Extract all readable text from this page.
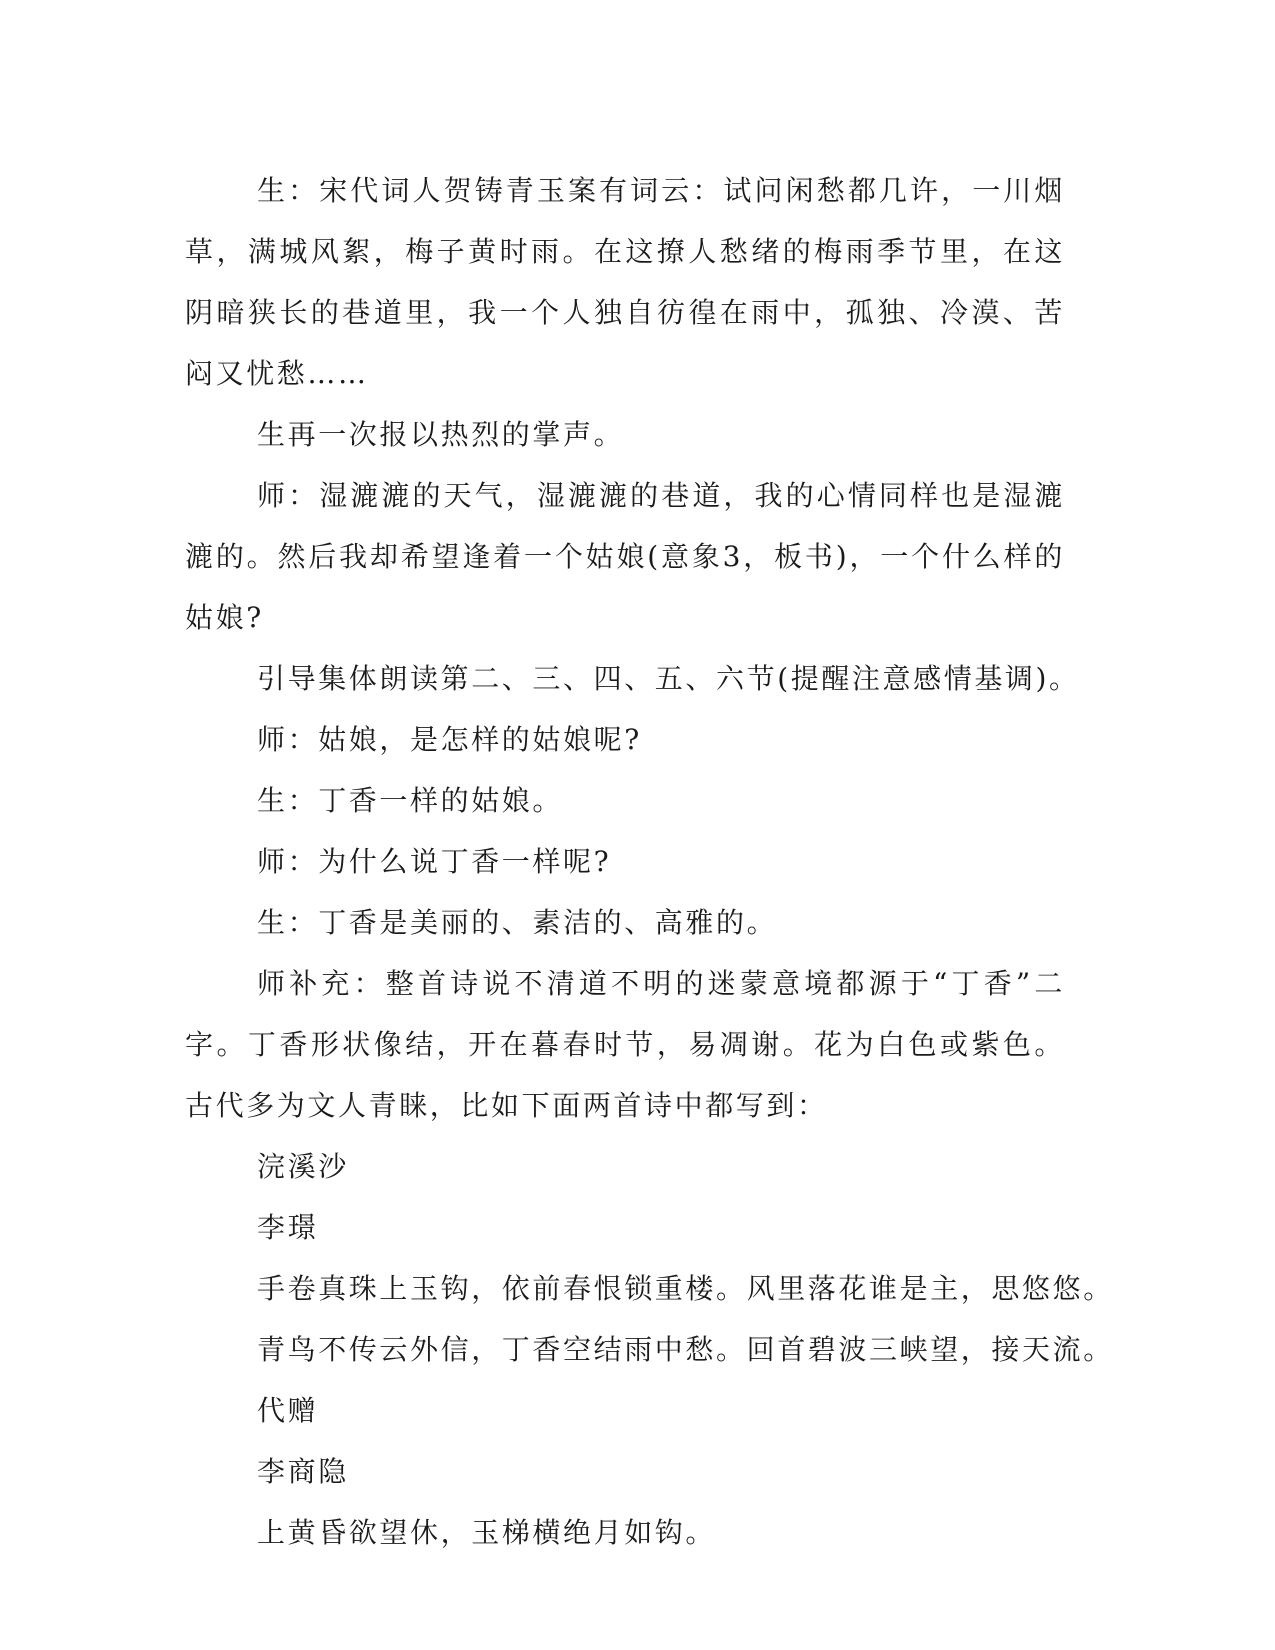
生：宋代词人贺铸青玉案有词云：试问闲愁都几许，一川烟草，满城风絮，梅子黄时雨。在这撩人愁绪的梅雨季节里，在这阴暗狭长的巷道里，我一个人独自彷徨在雨中，孤独、冷漠、苦闷又忧愁……

生再一次报以热烈的掌声。

师：湿漉漉的天气，湿漉漉的巷道，我的心情同样也是湿漉漉的。然后我却希望逢着一个姑娘(意象3，板书)，一个什么样的姑娘?

引导集体朗读第二、三、四、五、六节(提醒注意感情基调)。

师：姑娘，是怎样的姑娘呢?

生：丁香一样的姑娘。

师：为什么说丁香一样呢?

生：丁香是美丽的、素洁的、高雅的。

师补充：整首诗说不清道不明的迷蒙意境都源于“丁香”二字。丁香形状像结，开在暮春时节，易凋谢。花为白色或紫色。古代多为文人青睐，比如下面两首诗中都写到：

浣溪沙

李璟

手卷真珠上玉钩，依前春恨锁重楼。风里落花谁是主，思悠悠。

青鸟不传云外信，丁香空结雨中愁。回首碧波三峡望，接天流。

代赠

李商隐

上黄昏欲望休，玉梯横绝月如钩。
